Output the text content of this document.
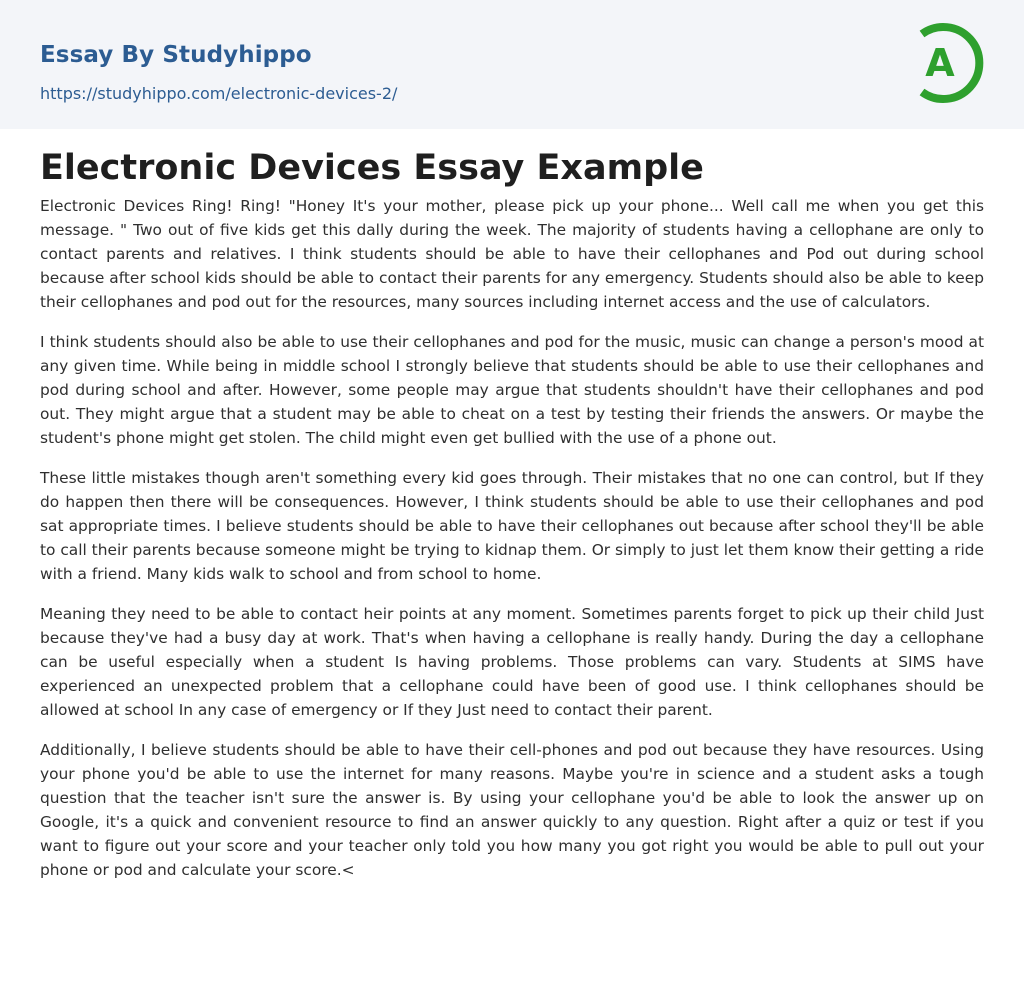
Essay By Studyhippo
https://studyhippo.com/electronic-devices-2/
A
Electronic Devices Essay Example

Electronic Devices Ring! Ring! "Honey It's your mother, please pick up your phone... Well call me when you get this message. " Two out of five kids get this dally during the week. The majority of students having a cellophane are only to contact parents and relatives. I think students should be able to have their cellophanes and Pod out during school because after school kids should be able to contact their parents for any emergency. Students should also be able to keep their cellophanes and pod out for the resources, many sources including internet access and the use of calculators.

I think students should also be able to use their cellophanes and pod for the music, music can change a person's mood at any given time. While being in middle school I strongly believe that students should be able to use their cellophanes and pod during school and after. However, some people may argue that students shouldn't have their cellophanes and pod out. They might argue that a student may be able to cheat on a test by testing their friends the answers. Or maybe the student's phone might get stolen. The child might even get bullied with the use of a phone out.

These little mistakes though aren't something every kid goes through. Their mistakes that no one can control, but If they do happen then there will be consequences. However, I think students should be able to use their cellophanes and pod sat appropriate times. I believe students should be able to have their cellophanes out because after school they'll be able to call their parents because someone might be trying to kidnap them. Or simply to just let them know their getting a ride with a friend. Many kids walk to school and from school to home.

Meaning they need to be able to contact heir points at any moment. Sometimes parents forget to pick up their child Just because they've had a busy day at work. That's when having a cellophane is really handy. During the day a cellophane can be useful especially when a student Is having problems. Those problems can vary. Students at SIMS have experienced an unexpected problem that a cellophane could have been of good use. I think cellophanes should be allowed at school In any case of emergency or If they Just need to contact their parent.

Additionally, I believe students should be able to have their cell-phones and pod out because they have resources. Using your phone you'd be able to use the internet for many reasons. Maybe you're in science and a student asks a tough question that the teacher isn't sure the answer is. By using your cellophane you'd be able to look the answer up on Google, it's a quick and convenient resource to find an answer quickly to any question. Right after a quiz or test if you want to figure out your score and your teacher only told you how many you got right you would be able to pull out your phone or pod and calculate your score.<
